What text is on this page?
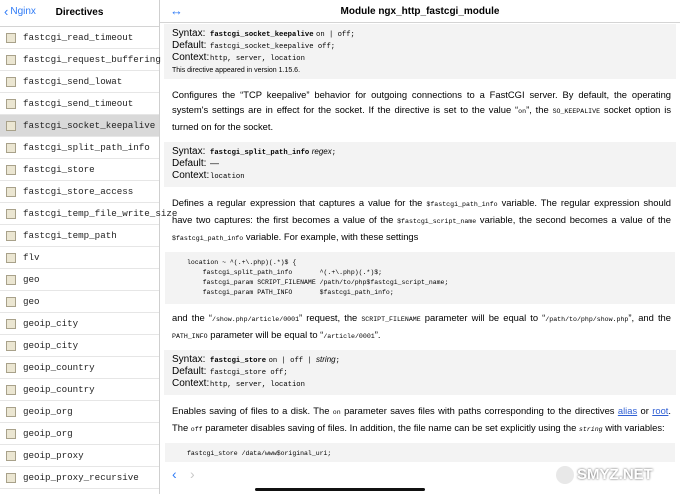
‹ Nginx	Directives
fastcgi_read_timeout
fastcgi_request_buffering
fastcgi_send_lowat
fastcgi_send_timeout
fastcgi_socket_keepalive
fastcgi_split_path_info
fastcgi_store
fastcgi_store_access
fastcgi_temp_file_write_size
fastcgi_temp_path
flv
geo
geo
geoip_city
geoip_city
geoip_country
geoip_country
geoip_org
geoip_org
geoip_proxy
geoip_proxy_recursive
↔	Module ngx_http_fastcgi_module
Syntax: fastcgi_socket_keepalive on | off;
Default: fastcgi_socket_keepalive off;
Context: http, server, location
This directive appeared in version 1.15.6.

Configures the “TCP keepalive” behavior for outgoing connections to a FastCGI server. By default, the operating system's settings are in effect for the socket. If the directive is set to the value “on”, the SO_KEEPALIVE socket option is turned on for the socket.

Syntax: fastcgi_split_path_info regex;
Default: —
Context: location

Defines a regular expression that captures a value for the $fastcgi_path_info variable. The regular expression should have two captures: the first becomes a value of the $fastcgi_script_name variable, the second becomes a value of the $fastcgi_path_info variable. For example, with these settings

location ~ ^(.+\.php)(.*)$ {
fastcgi_split_path_info       ^(.+\.php)(.*)$;
fastcgi_param SCRIPT_FILENAME /path/to/php$fastcgi_script_name;
fastcgi_param PATH_INFO       $fastcgi_path_info;

and the “/show.php/article/0001” request, the SCRIPT_FILENAME parameter will be equal to “/path/to/php/show.php”, and the PATH_INFO parameter will be equal to “/article/0001”.

Syntax: fastcgi_store on | off | string;
Default: fastcgi_store off;
Context: http, server, location

Enables saving of files to a disk. The on parameter saves files with paths corresponding to the directives alias or root. The off parameter disables saving of files. In addition, the file name can be set explicitly using the string with variables:

fastcgi_store /data/www$original_uri;
‹ ›	SMYZ.NET
